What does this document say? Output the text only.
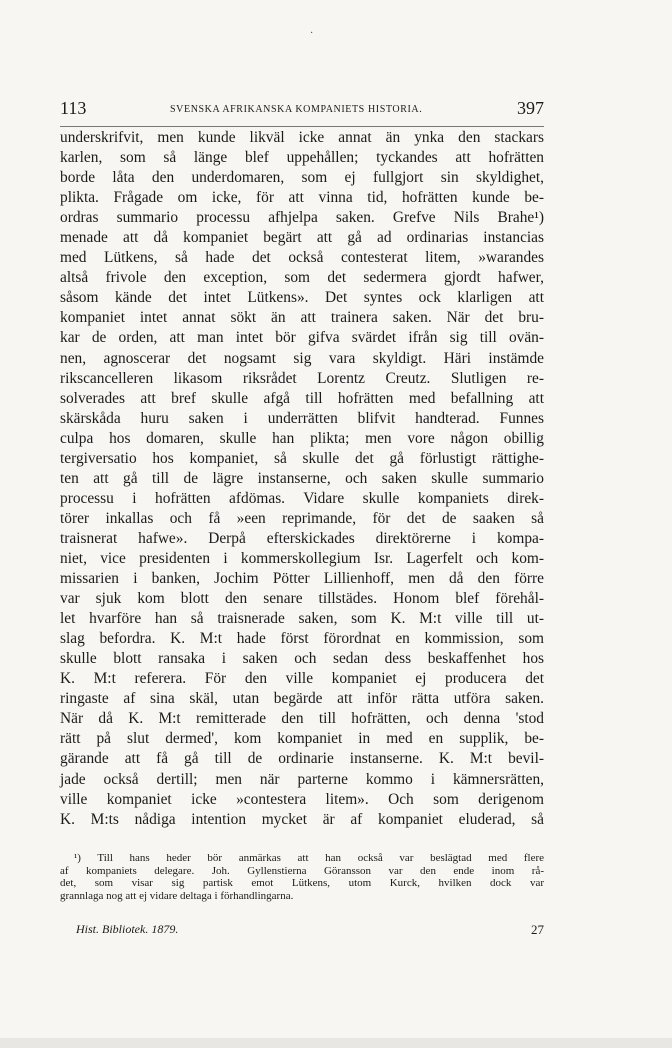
·
113	SVENSKA AFRIKANSKA KOMPANIETS HISTORIA.	397
underskrifvit, men kunde likväl icke annat än ynka den stackars
karlen, som så länge blef uppehållen; tyckandes att hofrätten
borde låta den underdomaren, som ej fullgjort sin skyldighet,
plikta. Frågade om icke, för att vinna tid, hofrätten kunde be-
ordras summario processu afhjelpa saken. Grefve Nils Brahe¹)
menade att då kompaniet begärt att gå ad ordinarias instancias
med Lütkens, så hade det också contesterat litem, »warandes
altså frivole den exception, som det sedermera gjordt hafwer,
såsom kände det intet Lütkens». Det syntes ock klarligen att
kompaniet intet annat sökt än att trainera saken. När det bru-
kar de orden, att man intet bör gifva svärdet ifrån sig till ovän-
nen, agnoscerar det nogsamt sig vara skyldigt. Häri instämde
rikscancelleren likasom riksrådet Lorentz Creutz. Slutligen re-
solverades att bref skulle afgå till hofrätten med befallning att
skärskåda huru saken i underrätten blifvit handterad. Funnes
culpa hos domaren, skulle han plikta; men vore någon obillig
tergiversatio hos kompaniet, så skulle det gå förlustigt rättighe-
ten att gå till de lägre instanserne, och saken skulle summario
processu i hofrätten afdömas. Vidare skulle kompaniets direk-
törer inkallas och få »een reprimande, för det de saaken så
traisnerat hafwe». Derpå efterskickades direktörerne i kompa-
niet, vice presidenten i kommerskollegium Isr. Lagerfelt och kom-
missarien i banken, Jochim Pötter Lillienhoff, men då den förre
var sjuk kom blott den senare tillstädes. Honom blef förehål-
let hvarföre han så traisnerade saken, som K. M:t ville till ut-
slag befordra. K. M:t hade först förordnat en kommission, som
skulle blott ransaka i saken och sedan dess beskaffenhet hos
K. M:t referera. För den ville kompaniet ej producera det
ringaste af sina skäl, utan begärde att inför rätta utföra saken.
När då K. M:t remitterade den till hofrätten, och denna 'stod
rätt på slut dermed', kom kompaniet in med en supplik, be-
gärande att få gå till de ordinarie instanserne. K. M:t bevil-
jade också dertill; men när parterne kommo i kämnersrätten,
ville kompaniet icke »contestera litem». Och som derigenom
K. M:ts nådiga intention mycket är af kompaniet eluderad, så
¹) Till hans heder bör anmärkas att han också var beslägtad med flere
af kompaniets delegare. Joh. Gyllenstierna Göransson var den ende inom rå-
det, som visar sig partisk emot Lütkens, utom Kurck, hvilken dock var
grannlaga nog att ej vidare deltaga i förhandlingarna.
Hist. Bibliotek. 1879.	27
